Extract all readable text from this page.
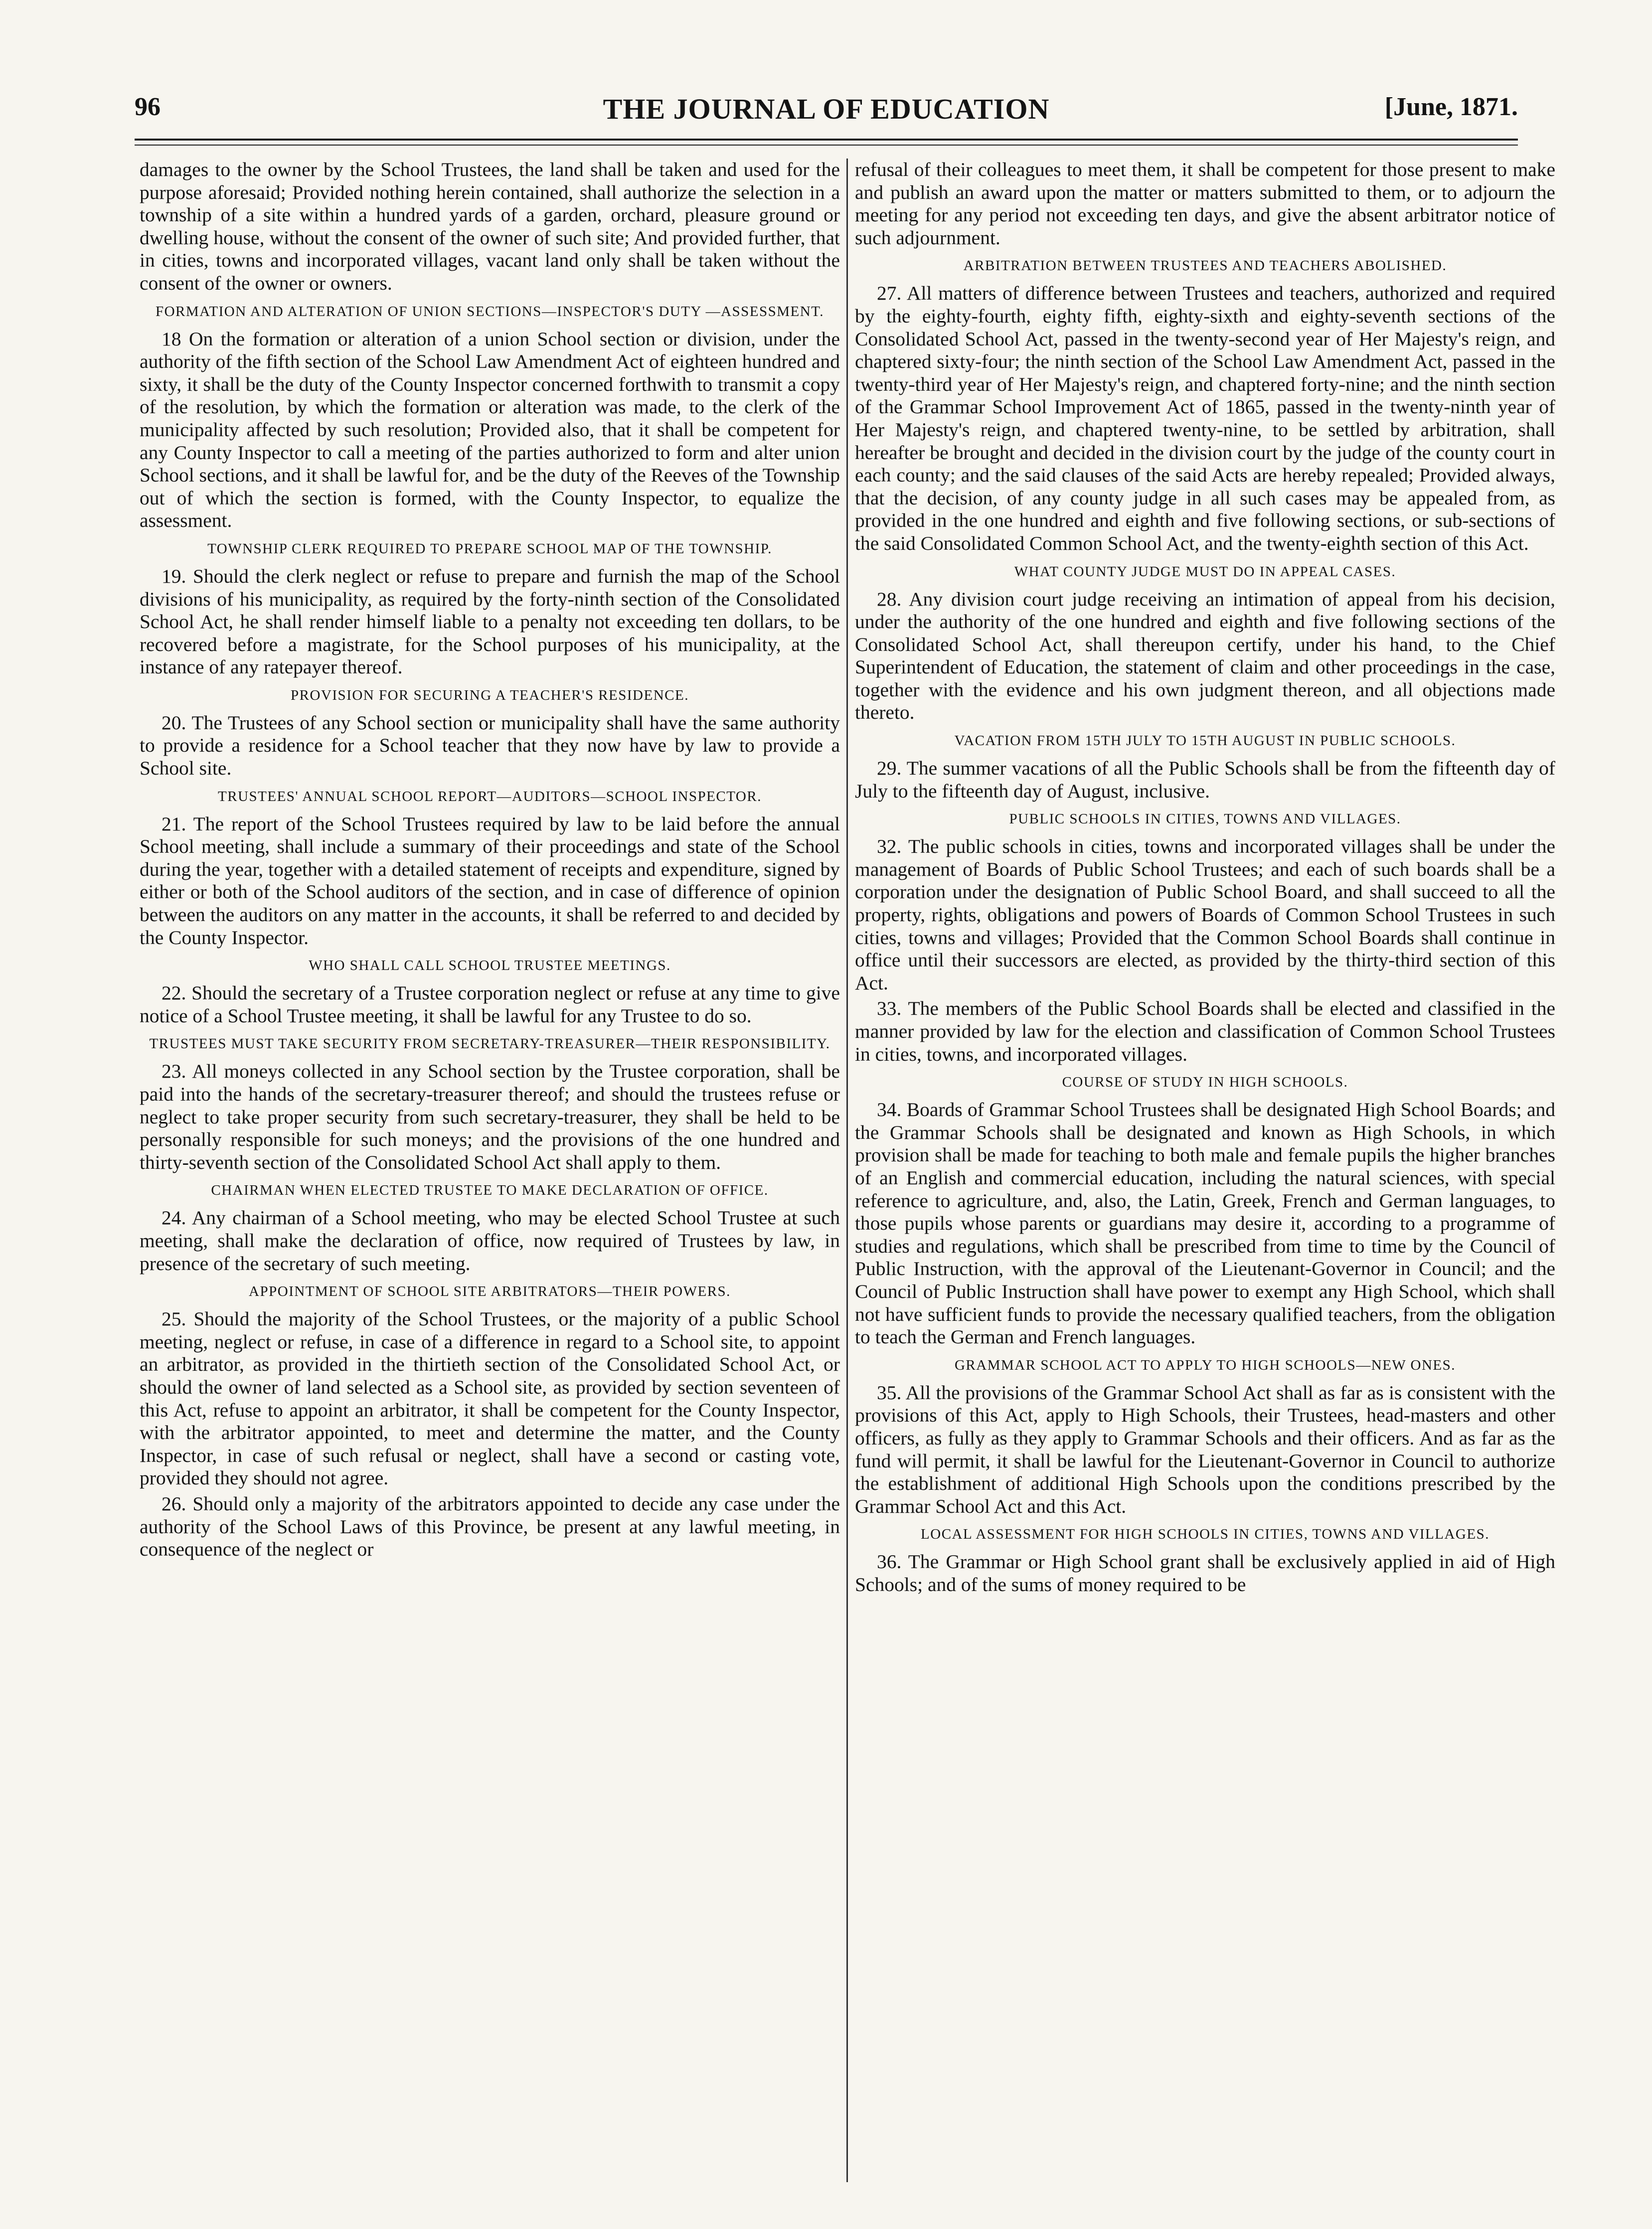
96	THE JOURNAL OF EDUCATION	[June, 1871.

damages to the owner by the School Trustees, the land shall be taken and used for the purpose aforesaid; Provided nothing herein contained, shall authorize the selection in a township of a site within a hundred yards of a garden, orchard, pleasure ground or dwelling house, without the consent of the owner of such site; And provided further, that in cities, towns and incorporated villages, vacant land only shall be taken without the consent of the owner or owners.

FORMATION AND ALTERATION OF UNION SECTIONS—INSPECTOR'S DUTY —ASSESSMENT.

18 On the formation or alteration of a union School section or division, under the authority of the fifth section of the School Law Amendment Act of eighteen hundred and sixty, it shall be the duty of the County Inspector concerned forthwith to transmit a copy of the resolution, by which the formation or alteration was made, to the clerk of the municipality affected by such resolution; Provided also, that it shall be competent for any County Inspector to call a meeting of the parties authorized to form and alter union School sections, and it shall be lawful for, and be the duty of the Reeves of the Township out of which the section is formed, with the County Inspector, to equalize the assessment.

TOWNSHIP CLERK REQUIRED TO PREPARE SCHOOL MAP OF THE TOWNSHIP.

19. Should the clerk neglect or refuse to prepare and furnish the map of the School divisions of his municipality, as required by the forty-ninth section of the Consolidated School Act, he shall render himself liable to a penalty not exceeding ten dollars, to be recovered before a magistrate, for the School purposes of his municipality, at the instance of any ratepayer thereof.

PROVISION FOR SECURING A TEACHER'S RESIDENCE.

20. The Trustees of any School section or municipality shall have the same authority to provide a residence for a School teacher that they now have by law to provide a School site.

TRUSTEES' ANNUAL SCHOOL REPORT—AUDITORS—SCHOOL INSPECTOR.

21. The report of the School Trustees required by law to be laid before the annual School meeting, shall include a summary of their proceedings and state of the School during the year, together with a detailed statement of receipts and expenditure, signed by either or both of the School auditors of the section, and in case of difference of opinion between the auditors on any matter in the accounts, it shall be referred to and decided by the County Inspector.

WHO SHALL CALL SCHOOL TRUSTEE MEETINGS.

22. Should the secretary of a Trustee corporation neglect or refuse at any time to give notice of a School Trustee meeting, it shall be lawful for any Trustee to do so.

TRUSTEES MUST TAKE SECURITY FROM SECRETARY-TREASURER—THEIR RESPONSIBILITY.

23. All moneys collected in any School section by the Trustee corporation, shall be paid into the hands of the secretary-treasurer thereof; and should the trustees refuse or neglect to take proper security from such secretary-treasurer, they shall be held to be personally responsible for such moneys; and the provisions of the one hundred and thirty-seventh section of the Consolidated School Act shall apply to them.

CHAIRMAN WHEN ELECTED TRUSTEE TO MAKE DECLARATION OF OFFICE.

24. Any chairman of a School meeting, who may be elected School Trustee at such meeting, shall make the declaration of office, now required of Trustees by law, in presence of the secretary of such meeting.

APPOINTMENT OF SCHOOL SITE ARBITRATORS—THEIR POWERS.

25. Should the majority of the School Trustees, or the majority of a public School meeting, neglect or refuse, in case of a difference in regard to a School site, to appoint an arbitrator, as provided in the thirtieth section of the Consolidated School Act, or should the owner of land selected as a School site, as provided by section seventeen of this Act, refuse to appoint an arbitrator, it shall be competent for the County Inspector, with the arbitrator appointed, to meet and determine the matter, and the County Inspector, in case of such refusal or neglect, shall have a second or casting vote, provided they should not agree.

26. Should only a majority of the arbitrators appointed to decide any case under the authority of the School Laws of this Province, be present at any lawful meeting, in consequence of the neglect or

refusal of their colleagues to meet them, it shall be competent for those present to make and publish an award upon the matter or matters submitted to them, or to adjourn the meeting for any period not exceeding ten days, and give the absent arbitrator notice of such adjournment.

ARBITRATION BETWEEN TRUSTEES AND TEACHERS ABOLISHED.

27. All matters of difference between Trustees and teachers, authorized and required by the eighty-fourth, eighty fifth, eighty-sixth and eighty-seventh sections of the Consolidated School Act, passed in the twenty-second year of Her Majesty's reign, and chaptered sixty-four; the ninth section of the School Law Amendment Act, passed in the twenty-third year of Her Majesty's reign, and chaptered forty-nine; and the ninth section of the Grammar School Improvement Act of 1865, passed in the twenty-ninth year of Her Majesty's reign, and chaptered twenty-nine, to be settled by arbitration, shall hereafter be brought and decided in the division court by the judge of the county court in each county; and the said clauses of the said Acts are hereby repealed; Provided always, that the decision, of any county judge in all such cases may be appealed from, as provided in the one hundred and eighth and five following sections, or sub-sections of the said Consolidated Common School Act, and the twenty-eighth section of this Act.

WHAT COUNTY JUDGE MUST DO IN APPEAL CASES.

28. Any division court judge receiving an intimation of appeal from his decision, under the authority of the one hundred and eighth and five following sections of the Consolidated School Act, shall thereupon certify, under his hand, to the Chief Superintendent of Education, the statement of claim and other proceedings in the case, together with the evidence and his own judgment thereon, and all objections made thereto.

VACATION FROM 15TH JULY TO 15TH AUGUST IN PUBLIC SCHOOLS.

29. The summer vacations of all the Public Schools shall be from the fifteenth day of July to the fifteenth day of August, inclusive.

PUBLIC SCHOOLS IN CITIES, TOWNS AND VILLAGES.

32. The public schools in cities, towns and incorporated villages shall be under the management of Boards of Public School Trustees; and each of such boards shall be a corporation under the designation of Public School Board, and shall succeed to all the property, rights, obligations and powers of Boards of Common School Trustees in such cities, towns and villages; Provided that the Common School Boards shall continue in office until their successors are elected, as provided by the thirty-third section of this Act.

33. The members of the Public School Boards shall be elected and classified in the manner provided by law for the election and classification of Common School Trustees in cities, towns, and incorporated villages.

COURSE OF STUDY IN HIGH SCHOOLS.

34. Boards of Grammar School Trustees shall be designated High School Boards; and the Grammar Schools shall be designated and known as High Schools, in which provision shall be made for teaching to both male and female pupils the higher branches of an English and commercial education, including the natural sciences, with special reference to agriculture, and, also, the Latin, Greek, French and German languages, to those pupils whose parents or guardians may desire it, according to a programme of studies and regulations, which shall be prescribed from time to time by the Council of Public Instruction, with the approval of the Lieutenant-Governor in Council; and the Council of Public Instruction shall have power to exempt any High School, which shall not have sufficient funds to provide the necessary qualified teachers, from the obligation to teach the German and French languages.

GRAMMAR SCHOOL ACT TO APPLY TO HIGH SCHOOLS—NEW ONES.

35. All the provisions of the Grammar School Act shall as far as is consistent with the provisions of this Act, apply to High Schools, their Trustees, head-masters and other officers, as fully as they apply to Grammar Schools and their officers. And as far as the fund will permit, it shall be lawful for the Lieutenant-Governor in Council to authorize the establishment of additional High Schools upon the conditions prescribed by the Grammar School Act and this Act.

LOCAL ASSESSMENT FOR HIGH SCHOOLS IN CITIES, TOWNS AND VILLAGES.

36. The Grammar or High School grant shall be exclusively applied in aid of High Schools; and of the sums of money required to be
